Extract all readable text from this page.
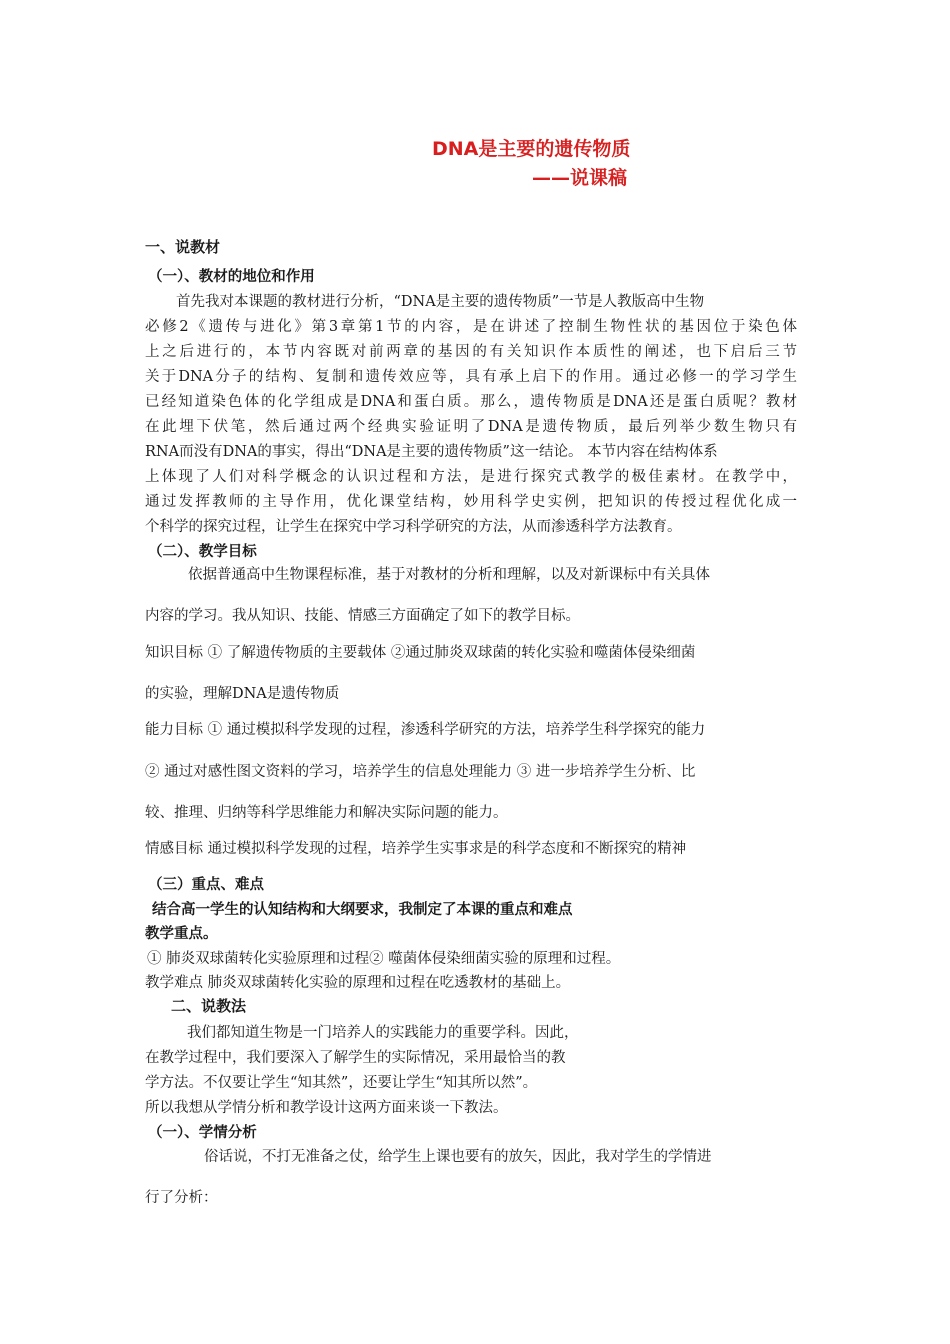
DNA是主要的遗传物质
——说课稿
一、说教材
（一）、教材的地位和作用
首先我对本课题的教材进行分析，“DNA是主要的遗传物质”一节是人教版高中生物
必修2《遗传与进化》第3章第1节的内容，是在讲述了控制生物性状的基因位于染色体
上之后进行的，本节内容既对前两章的基因的有关知识作本质性的阐述，也下启后三节
关于DNA分子的结构、复制和遗传效应等，具有承上启下的作用。通过必修一的学习学生
已经知道染色体的化学组成是DNA和蛋白质。那么，遗传物质是DNA还是蛋白质呢？教材
在此埋下伏笔，然后通过两个经典实验证明了DNA是遗传物质，最后列举少数生物只有
RNA而没有DNA的事实，得出“DNA是主要的遗传物质”这一结论。 本节内容在结构体系
上体现了人们对科学概念的认识过程和方法，是进行探究式教学的极佳素材。在教学中，
通过发挥教师的主导作用，优化课堂结构，妙用科学史实例，把知识的传授过程优化成一
个科学的探究过程，让学生在探究中学习科学研究的方法，从而渗透科学方法教育。
（二）、教学目标
依据普通高中生物课程标准，基于对教材的分析和理解，以及对新课标中有关具体
内容的学习。我从知识、技能、情感三方面确定了如下的教学目标。
知识目标 ① 了解遗传物质的主要载体 ②通过肺炎双球菌的转化实验和噬菌体侵染细菌
的实验，理解DNA是遗传物质
能力目标 ① 通过模拟科学发现的过程，渗透科学研究的方法，培养学生科学探究的能力
② 通过对感性图文资料的学习，培养学生的信息处理能力 ③ 进一步培养学生分析、比
较、推理、归纳等科学思维能力和解决实际问题的能力。
情感目标 通过模拟科学发现的过程，培养学生实事求是的科学态度和不断探究的精神
（三）重点、难点
结合高一学生的认知结构和大纲要求，我制定了本课的重点和难点
教学重点。
① 肺炎双球菌转化实验原理和过程② 噬菌体侵染细菌实验的原理和过程。
教学难点 肺炎双球菌转化实验的原理和过程在吃透教材的基础上。
二、说教法
我们都知道生物是一门培养人的实践能力的重要学科。因此，
在教学过程中，我们要深入了解学生的实际情况，采用最恰当的教
学方法。不仅要让学生“知其然”，还要让学生“知其所以然”。
所以我想从学情分析和教学设计这两方面来谈一下教法。
（一）、学情分析
俗话说，不打无准备之仗，给学生上课也要有的放矢，因此，我对学生的学情进
行了分析：
